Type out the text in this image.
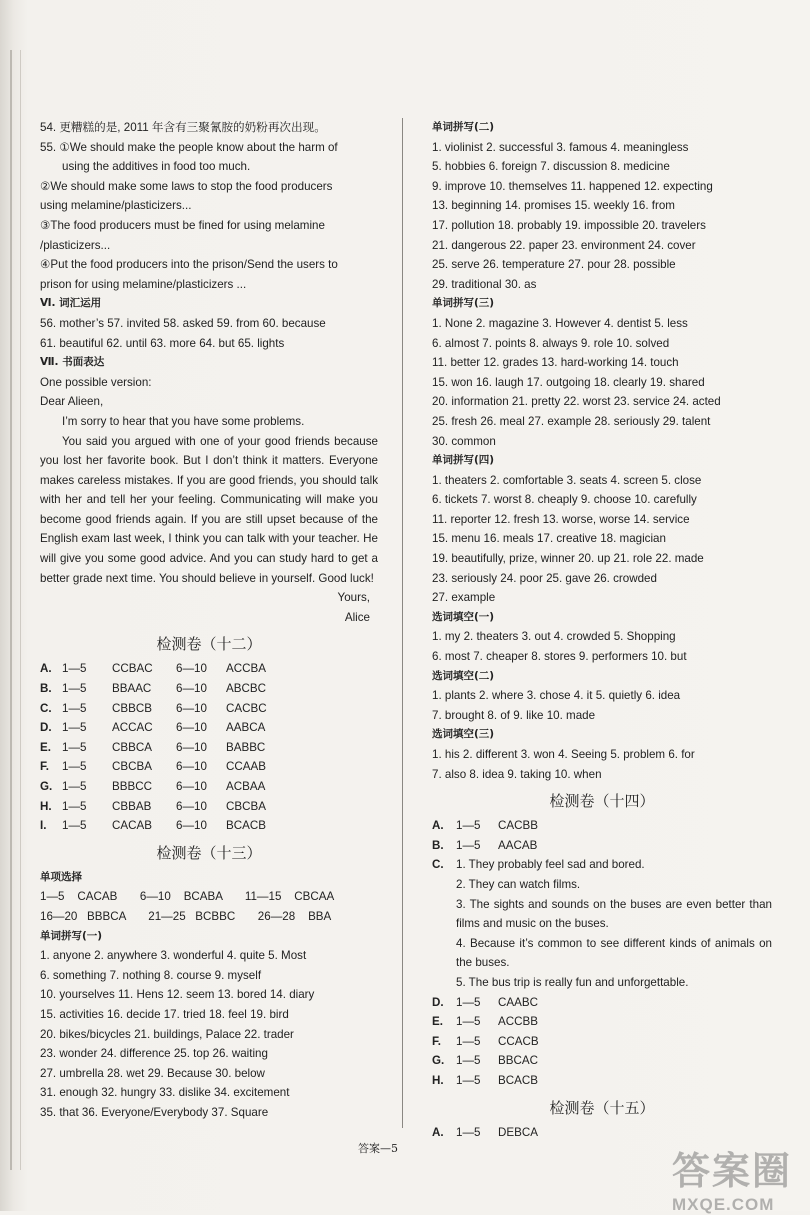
54. 更糟糕的是, 2011 年含有三聚氰胺的奶粉再次出现。
55. ①We should make the people know about the harm of
using the additives in food too much.
②We should make some laws to stop the food producers
using melamine/plasticizers...
③The food producers must be fined for using melamine
/plasticizers...
④Put the food producers into the prison/Send the users to
prison for using melamine/plasticizers ...
Ⅵ. 词汇运用
56. mother’s 57. invited 58. asked 59. from 60. because
61. beautiful 62. until 63. more 64. but 65. lights
Ⅶ. 书面表达
One possible version:
Dear Alieen,
I’m sorry to hear that you have some problems.
You said you argued with one of your good friends because you lost her favorite book. But I don’t think it matters. Everyone makes careless mistakes. If you are good friends, you should talk with her and tell her your feeling. Communicating will make you become good friends again. If you are still upset because of the English exam last week, I think you can talk with your teacher. He will give you some good advice. And you can study hard to get a better grade next time. You should believe in yourself. Good luck!
Yours,
Alice
检测卷（十二）
A. 1—5	CCBAC	6—10	ACCBA
B. 1—5	BBAAC	6—10	ABCBC
C. 1—5	CBBCB	6—10	CACBC
D. 1—5	ACCAC	6—10	AABCA
E. 1—5	CBBCA	6—10	BABBC
F.	1—5	CBCBA	6—10	CCAAB
G. 1—5	BBBCC	6—10	ACBAA
H. 1—5	CBBAB	6—10	CBCBA
I.	1—5	CACAB	6—10	BCACB
检测卷（十三）
单项选择
1—5    CACAB       6—10    BCABA       11—15    CBCAA
16—20   BBBCA       21—25   BCBBC       26—28    BBA
单词拼写(一)
1. anyone 2. anywhere 3. wonderful 4. quite 5. Most
6. something 7. nothing 8. course 9. myself
10. yourselves 11. Hens 12. seem 13. bored 14. diary
15. activities 16. decide 17. tried 18. feel 19. bird
20. bikes/bicycles 21. buildings, Palace 22. trader
23. wonder 24. difference 25. top 26. waiting
27. umbrella 28. wet 29. Because 30. below
31. enough 32. hungry 33. dislike 34. excitement
35. that 36. Everyone/Everybody 37. Square
单词拼写(二)
1. violinist 2. successful 3. famous 4. meaningless
5. hobbies 6. foreign 7. discussion 8. medicine
9. improve 10. themselves 11. happened 12. expecting
13. beginning 14. promises 15. weekly 16. from
17. pollution 18. probably 19. impossible 20. travelers
21. dangerous 22. paper 23. environment 24. cover
25. serve 26. temperature 27. pour 28. possible
29. traditional 30. as
单词拼写(三)
1. None 2. magazine 3. However 4. dentist 5. less
6. almost 7. points 8. always 9. role 10. solved
11. better 12. grades 13. hard-working 14. touch
15. won 16. laugh 17. outgoing 18. clearly 19. shared
20. information 21. pretty 22. worst 23. service 24. acted
25. fresh 26. meal 27. example 28. seriously 29. talent
30. common
单词拼写(四)
1. theaters 2. comfortable 3. seats 4. screen 5. close
6. tickets 7. worst 8. cheaply 9. choose 10. carefully
11. reporter 12. fresh 13. worse, worse 14. service
15. menu 16. meals 17. creative 18. magician
19. beautifully, prize, winner 20. up 21. role 22. made
23. seriously 24. poor 25. gave 26. crowded
27. example
选词填空(一)
1. my 2. theaters 3. out 4. crowded 5. Shopping
6. most 7. cheaper 8. stores 9. performers 10. but
选词填空(二)
1. plants 2. where 3. chose 4. it 5. quietly 6. idea
7. brought 8. of 9. like 10. made
选词填空(三)
1. his 2. different 3. won 4. Seeing 5. problem 6. for
7. also 8. idea 9. taking 10. when
检测卷（十四）
A.	1—5	CACBB
B.	1—5	AACAB
C.	1. They probably feel sad and bored.
2. They can watch films.
3. The sights and sounds on the buses are even better than films and music on the buses.
4. Because it’s common to see different kinds of animals on the buses.
5. The bus trip is really fun and unforgettable.
D.	1—5	CAABC
E.	1—5	ACCBB
F.	1—5	CCACB
G.	1—5	BBCAC
H.	1—5	BCACB
检测卷（十五）
A.	1—5	DEBCA
答案—5	答案圈
MXQE.COM
